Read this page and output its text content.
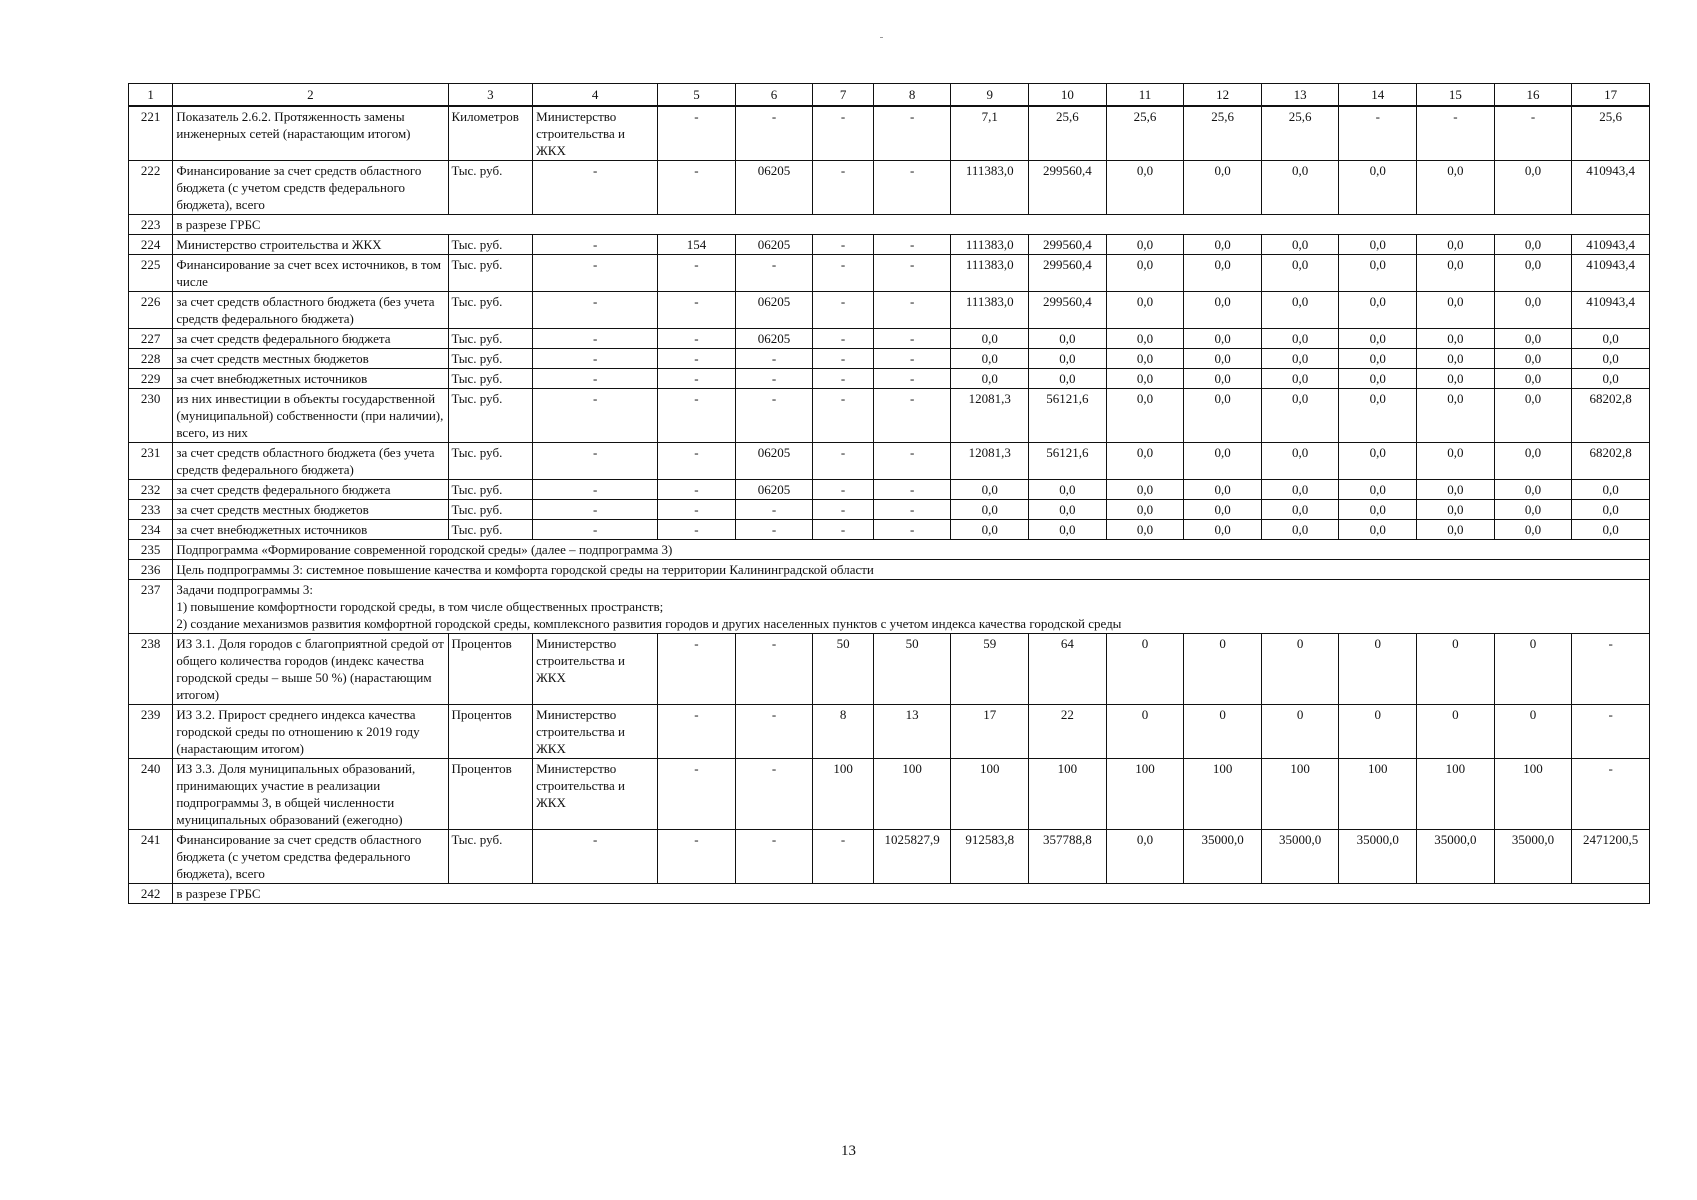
1	2	3	4	5	6	7	8	9	10	11	12	13	14	15	16	17
221	Показатель 2.6.2. Протяженность замены инженерных сетей (нарастающим итогом)	Километров	Министерство строительства и ЖКХ	-	-	-	-	7,1	25,6	25,6	25,6	25,6	-	-	-	25,6
222	Финансирование за счет средств областного бюджета (с учетом средств федерального бюджета), всего	Тыс. руб.	-	-	06205	-	-	111383,0	299560,4	0,0	0,0	0,0	0,0	0,0	0,0	410943,4
223	в разрезе ГРБС															
224	Министерство строительства и ЖКХ	Тыс. руб.	-	154	06205	-	-	111383,0	299560,4	0,0	0,0	0,0	0,0	0,0	0,0	410943,4
225	Финансирование за счет всех источников, в том числе	Тыс. руб.	-	-	-	-	-	111383,0	299560,4	0,0	0,0	0,0	0,0	0,0	0,0	410943,4
226	за счет средств областного бюджета (без учета средств федерального бюджета)	Тыс. руб.	-	-	06205	-	-	111383,0	299560,4	0,0	0,0	0,0	0,0	0,0	0,0	410943,4
227	за счет средств федерального бюджета	Тыс. руб.	-	-	06205	-	-	0,0	0,0	0,0	0,0	0,0	0,0	0,0	0,0	0,0
228	за счет средств местных бюджетов	Тыс. руб.	-	-	-	-	-	0,0	0,0	0,0	0,0	0,0	0,0	0,0	0,0	0,0
229	за счет внебюджетных источников	Тыс. руб.	-	-	-	-	-	0,0	0,0	0,0	0,0	0,0	0,0	0,0	0,0	0,0
230	из них инвестиции в объекты государственной (муниципальной) собственности (при наличии), всего, из них	Тыс. руб.	-	-	-	-	-	12081,3	56121,6	0,0	0,0	0,0	0,0	0,0	0,0	68202,8
231	за счет средств областного бюджета (без учета средств федерального бюджета)	Тыс. руб.	-	-	06205	-	-	12081,3	56121,6	0,0	0,0	0,0	0,0	0,0	0,0	68202,8
232	за счет средств федерального бюджета	Тыс. руб.	-	-	06205	-	-	0,0	0,0	0,0	0,0	0,0	0,0	0,0	0,0	0,0
233	за счет средств местных бюджетов	Тыс. руб.	-	-	-	-	-	0,0	0,0	0,0	0,0	0,0	0,0	0,0	0,0	0,0
234	за счет внебюджетных источников	Тыс. руб.	-	-	-	-	-	0,0	0,0	0,0	0,0	0,0	0,0	0,0	0,0	0,0
235	Подпрограмма «Формирование современной городской среды» (далее – подпрограмма 3)															
236	Цель подпрограммы 3: системное повышение качества и комфорта городской среды на территории Калининградской области															
237	Задачи подпрограммы 3:
1) повышение комфортности городской среды, в том числе общественных пространств;
2) создание механизмов развития комфортной городской среды, комплексного развития городов и других населенных пунктов с учетом индекса качества городской среды															
238	ИЗ 3.1. Доля городов с благоприятной средой от общего количества городов (индекс качества городской среды – выше 50 %) (нарастающим итогом)	Процентов	Министерство строительства и ЖКХ	-	-	50	50	59	64	0	0	0	0	0	0	-
239	ИЗ 3.2. Прирост среднего индекса качества городской среды по отношению к 2019 году (нарастающим итогом)	Процентов	Министерство строительства и ЖКХ	-	-	8	13	17	22	0	0	0	0	0	0	-
240	ИЗ 3.3. Доля муниципальных образований, принимающих участие в реализации подпрограммы 3, в общей численности муниципальных образований (ежегодно)	Процентов	Министерство строительства и ЖКХ	-	-	100	100	100	100	100	100	100	100	100	100	-
241	Финансирование за счет средств областного бюджета (с учетом средства федерального бюджета), всего	Тыс. руб.	-	-	-	-	1025827,9	912583,8	357788,8	0,0	35000,0	35000,0	35000,0	35000,0	35000,0	2471200,5
242	в разрезе ГРБС															
13
